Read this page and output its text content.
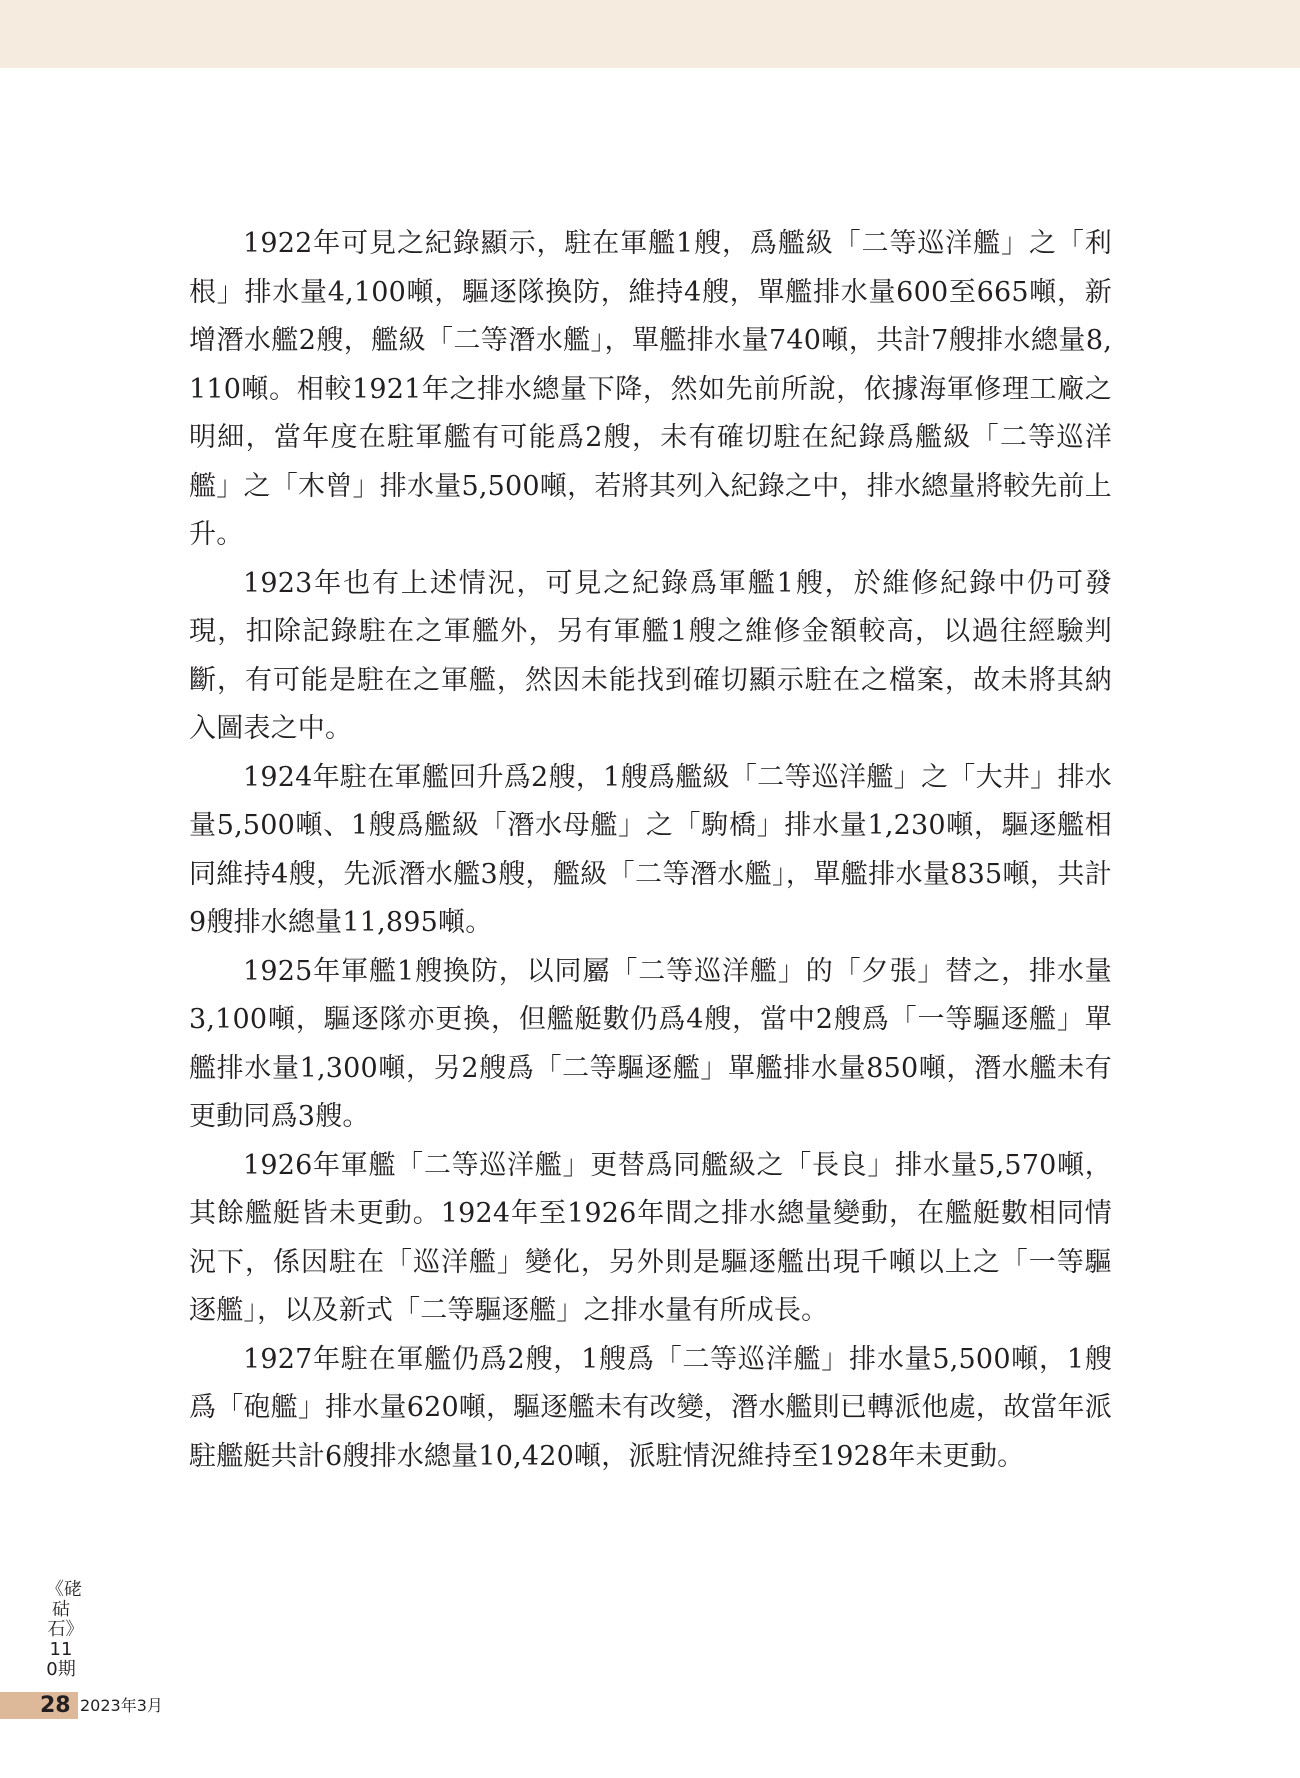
1922年可見之紀錄顯示，駐在軍艦1艘，爲艦級「二等巡洋艦」之「利根」排水量4,100噸，驅逐隊換防，維持4艘，單艦排水量600至665噸，新增潛水艦2艘，艦級「二等潛水艦」，單艦排水量740噸，共計7艘排水總量8,110噸。相較1921年之排水總量下降，然如先前所說，依據海軍修理工廠之明細，當年度在駐軍艦有可能爲2艘，未有確切駐在紀錄爲艦級「二等巡洋艦」之「木曾」排水量5,500噸，若將其列入紀錄之中，排水總量將較先前上升。

1923年也有上述情況，可見之紀錄爲軍艦1艘，於維修紀錄中仍可發現，扣除記錄駐在之軍艦外，另有軍艦1艘之維修金額較高，以過往經驗判斷，有可能是駐在之軍艦，然因未能找到確切顯示駐在之檔案，故未將其納入圖表之中。

1924年駐在軍艦回升爲2艘，1艘爲艦級「二等巡洋艦」之「大井」排水量5,500噸、1艘爲艦級「潛水母艦」之「駒橋」排水量1,230噸，驅逐艦相同維持4艘，先派潛水艦3艘，艦級「二等潛水艦」，單艦排水量835噸，共計9艘排水總量11,895噸。

1925年軍艦1艘換防，以同屬「二等巡洋艦」的「夕張」替之，排水量3,100噸，驅逐隊亦更換，但艦艇數仍爲4艘，當中2艘爲「一等驅逐艦」單艦排水量1,300噸，另2艘爲「二等驅逐艦」單艦排水量850噸，潛水艦未有更動同爲3艘。

1926年軍艦「二等巡洋艦」更替爲同艦級之「長良」排水量5,570噸，其餘艦艇皆未更動。1924年至1926年間之排水總量變動，在艦艇數相同情況下，係因駐在「巡洋艦」變化，另外則是驅逐艦出現千噸以上之「一等驅逐艦」，以及新式「二等驅逐艦」之排水量有所成長。

1927年駐在軍艦仍爲2艘，1艘爲「二等巡洋艦」排水量5,500噸，1艘爲「砲艦」排水量620噸，驅逐艦未有改變，潛水艦則已轉派他處，故當年派駐艦艇共計6艘排水總量10,420噸，派駐情況維持至1928年未更動。

《硓𥑮石》110期
28 2023年3月
